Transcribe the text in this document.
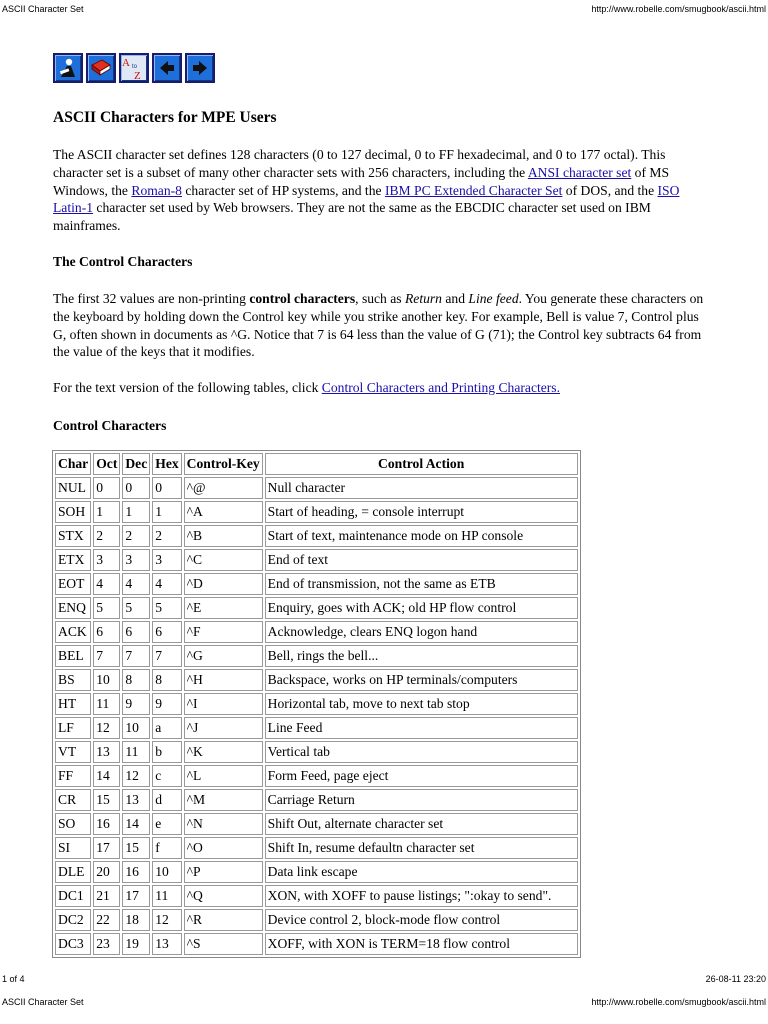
ASCII Character Set	http://www.robelle.com/smugbook/ascii.html
A to
Z
ASCII Characters for MPE Users

The ASCII character set defines 128 characters (0 to 127 decimal, 0 to FF hexadecimal, and 0 to 177 octal). This character set is a subset of many other character sets with 256 characters, including the ANSI character set of MS Windows, the Roman-8 character set of HP systems, and the IBM PC Extended Character Set of DOS, and the ISO Latin-1 character set used by Web browsers. They are not the same as the EBCDIC character set used on IBM mainframes.

The Control Characters

The first 32 values are non-printing control characters, such as Return and Line feed. You generate these characters on the keyboard by holding down the Control key while you strike another key. For example, Bell is value 7, Control plus G, often shown in documents as ^G. Notice that 7 is 64 less than the value of G (71); the Control key subtracts 64 from the value of the keys that it modifies.

For the text version of the following tables, click Control Characters and Printing Characters.

Control Characters
Char	Oct	Dec	Hex	Control-Key	Control Action
NUL	0	0	0	^@	Null character
SOH	1	1	1	^A	Start of heading, = console interrupt
STX	2	2	2	^B	Start of text, maintenance mode on HP console
ETX	3	3	3	^C	End of text
EOT	4	4	4	^D	End of transmission, not the same as ETB
ENQ	5	5	5	^E	Enquiry, goes with ACK; old HP flow control
ACK	6	6	6	^F	Acknowledge, clears ENQ logon hand
BEL	7	7	7	^G	Bell, rings the bell...
BS	10	8	8	^H	Backspace, works on HP terminals/computers
HT	11	9	9	^I	Horizontal tab, move to next tab stop
LF	12	10	a	^J	Line Feed
VT	13	11	b	^K	Vertical tab
FF	14	12	c	^L	Form Feed, page eject
CR	15	13	d	^M	Carriage Return
SO	16	14	e	^N	Shift Out, alternate character set
SI	17	15	f	^O	Shift In, resume defaultn character set
DLE	20	16	10	^P	Data link escape
DC1	21	17	11	^Q	XON, with XOFF to pause listings; ":okay to send".
DC2	22	18	12	^R	Device control 2, block-mode flow control
DC3	23	19	13	^S	XOFF, with XON is TERM=18 flow control
1 of 4	26-08-11 23:20
ASCII Character Set	http://www.robelle.com/smugbook/ascii.html
